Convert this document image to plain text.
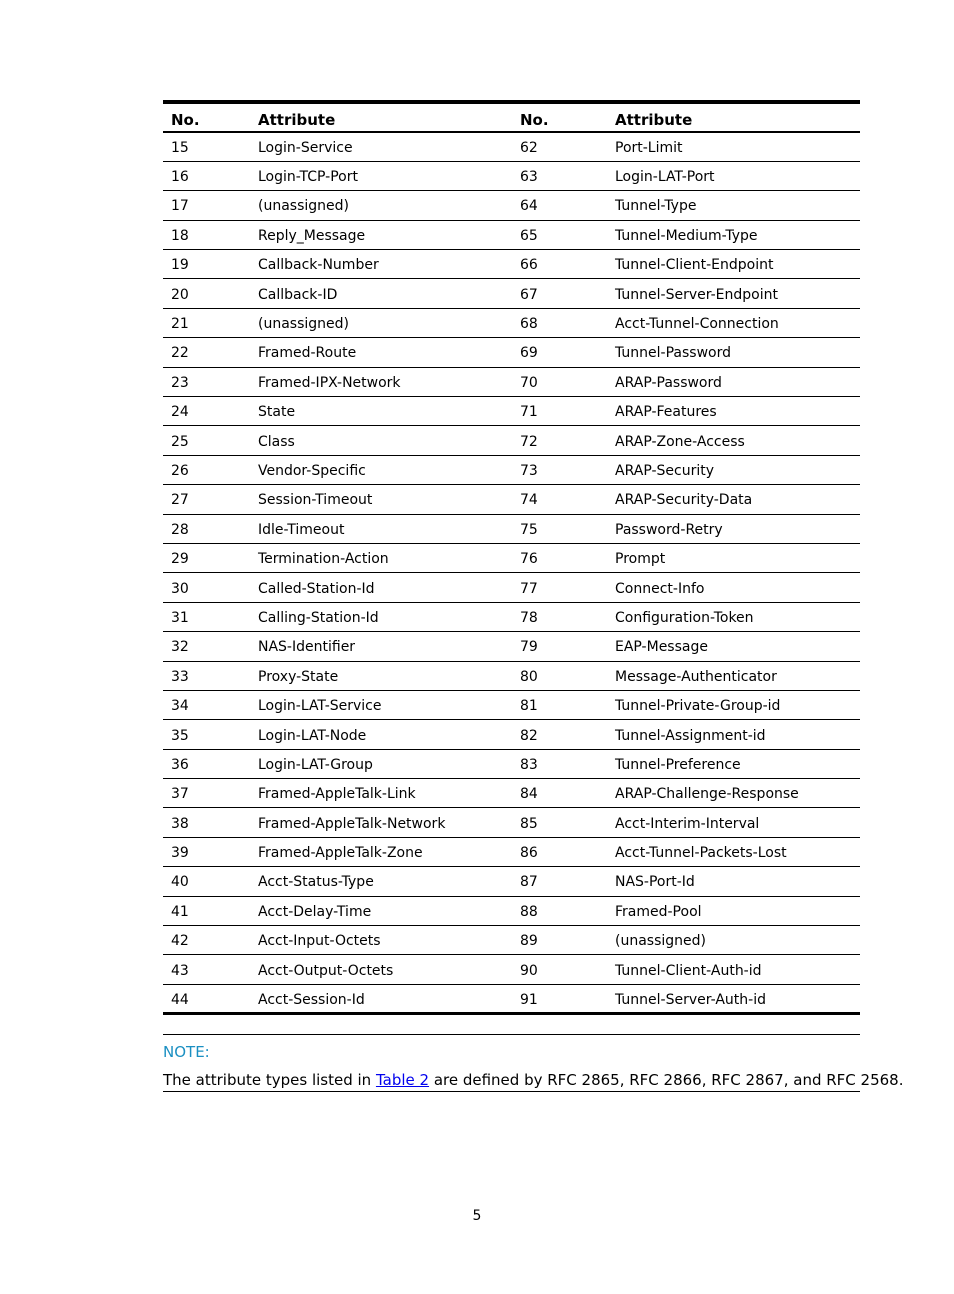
No.	Attribute	No.	Attribute
15	Login-Service	62	Port-Limit
16	Login-TCP-Port	63	Login-LAT-Port
17	(unassigned)	64	Tunnel-Type
18	Reply_Message	65	Tunnel-Medium-Type
19	Callback-Number	66	Tunnel-Client-Endpoint
20	Callback-ID	67	Tunnel-Server-Endpoint
21	(unassigned)	68	Acct-Tunnel-Connection
22	Framed-Route	69	Tunnel-Password
23	Framed-IPX-Network	70	ARAP-Password
24	State	71	ARAP-Features
25	Class	72	ARAP-Zone-Access
26	Vendor-Specific	73	ARAP-Security
27	Session-Timeout	74	ARAP-Security-Data
28	Idle-Timeout	75	Password-Retry
29	Termination-Action	76	Prompt
30	Called-Station-Id	77	Connect-Info
31	Calling-Station-Id	78	Configuration-Token
32	NAS-Identifier	79	EAP-Message
33	Proxy-State	80	Message-Authenticator
34	Login-LAT-Service	81	Tunnel-Private-Group-id
35	Login-LAT-Node	82	Tunnel-Assignment-id
36	Login-LAT-Group	83	Tunnel-Preference
37	Framed-AppleTalk-Link	84	ARAP-Challenge-Response
38	Framed-AppleTalk-Network	85	Acct-Interim-Interval
39	Framed-AppleTalk-Zone	86	Acct-Tunnel-Packets-Lost
40	Acct-Status-Type	87	NAS-Port-Id
41	Acct-Delay-Time	88	Framed-Pool
42	Acct-Input-Octets	89	(unassigned)
43	Acct-Output-Octets	90	Tunnel-Client-Auth-id
44	Acct-Session-Id	91	Tunnel-Server-Auth-id
NOTE:
The attribute types listed in Table 2 are defined by RFC 2865, RFC 2866, RFC 2867, and RFC 2568.
5
